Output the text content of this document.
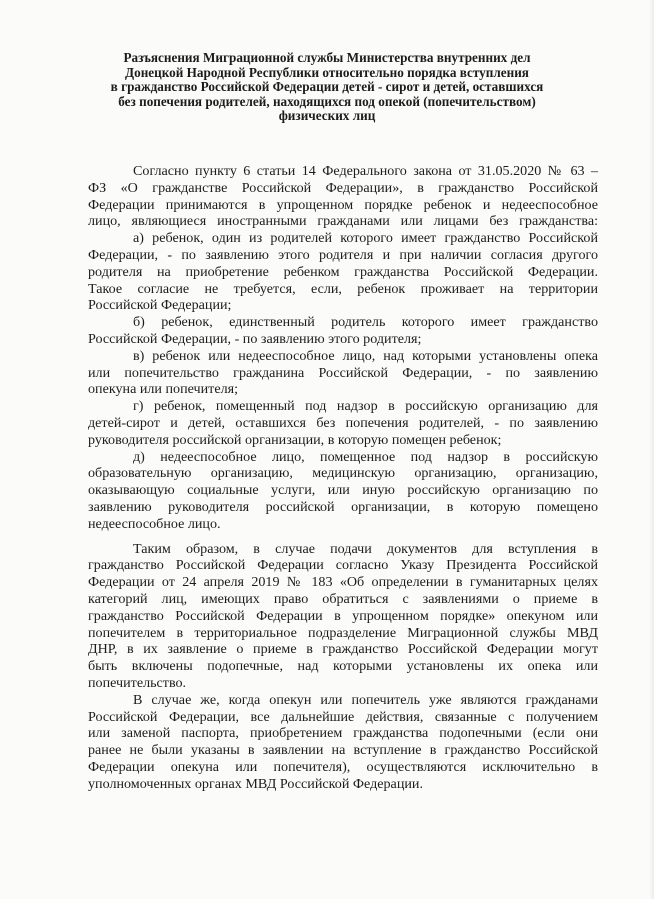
Разъяснения Миграционной службы Министерства внутренних дел
Донецкой Народной Республики относительно порядка вступления
в гражданство Российской Федерации детей - сирот и детей, оставшихся
без попечения родителей, находящихся под опекой (попечительством)
физических лиц

Согласно пункту 6 статьи 14 Федерального закона от 31.05.2020 № 63 –
ФЗ «О гражданстве Российской Федерации», в гражданство Российской
Федерации принимаются в упрощенном порядке ребенок и недееспособное
лицо, являющиеся иностранными гражданами или лицами без гражданства:

а) ребенок, один из родителей которого имеет гражданство Российской
Федерации, - по заявлению этого родителя и при наличии согласия другого
родителя на приобретение ребенком гражданства Российской Федерации.
Такое согласие не требуется, если, ребенок проживает на территории
Российской Федерации;

б) ребенок, единственный родитель которого имеет гражданство
Российской Федерации, - по заявлению этого родителя;

в) ребенок или недееспособное лицо, над которыми установлены опека
или попечительство гражданина Российской Федерации, - по заявлению
опекуна или попечителя;

г) ребенок, помещенный под надзор в российскую организацию для
детей-сирот и детей, оставшихся без попечения родителей, - по заявлению
руководителя российской организации, в которую помещен ребенок;

д) недееспособное лицо, помещенное под надзор в российскую
образовательную организацию, медицинскую организацию, организацию,
оказывающую социальные услуги, или иную российскую организацию по
заявлению руководителя российской организации, в которую помещено
недееспособное лицо.

Таким образом, в случае подачи документов для вступления в
гражданство Российской Федерации согласно Указу Президента Российской
Федерации от 24 апреля 2019 № 183 «Об определении в гуманитарных целях
категорий лиц, имеющих право обратиться с заявлениями о приеме в
гражданство Российской Федерации в упрощенном порядке» опекуном или
попечителем в территориальное подразделение Миграционной службы МВД
ДНР, в их заявление о приеме в гражданство Российской Федерации могут
быть включены подопечные, над которыми установлены их опека или
попечительство.

В случае же, когда опекун или попечитель уже являются гражданами
Российской Федерации, все дальнейшие действия, связанные с получением
или заменой паспорта, приобретением гражданства подопечными (если они
ранее не были указаны в заявлении на вступление в гражданство Российской
Федерации опекуна или попечителя), осуществляются исключительно в
уполномоченных органах МВД Российской Федерации.
